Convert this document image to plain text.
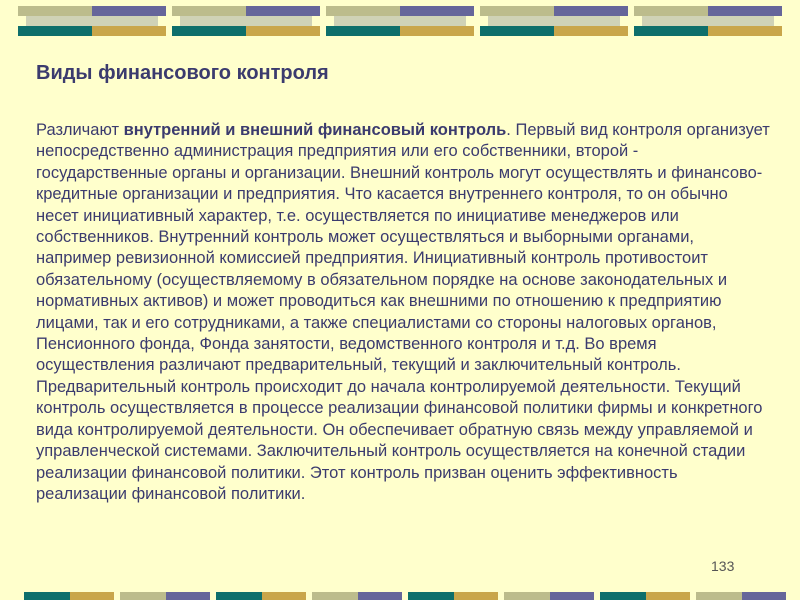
Виды финансового контроля

Различают внутренний и внешний финансовый контроль. Первый вид контроля организует непосредственно администрация предприятия или его собственники, второй - государственные органы и организации. Внешний контроль могут осуществлять и финансово-кредитные организации и предприятия. Что касается внутреннего контроля, то он обычно несет инициативный характер, т.е. осуществляется по инициативе менеджеров или собственников. Внутренний контроль может осуществляться и выборными органами, например ревизионной комиссией предприятия. Инициативный контроль противостоит обязательному (осуществляемому в обязательном порядке на основе законодательных и нормативных активов) и может проводиться как внешними по отношению к предприятию лицами, так и его сотрудниками, а также специалистами со стороны налоговых органов, Пенсионного фонда, Фонда занятости, ведомственного контроля и т.д. Во время осуществления различают предварительный, текущий и заключительный контроль. Предварительный контроль происходит до начала контролируемой деятельности. Текущий контроль осуществляется в процессе реализации финансовой политики фирмы и конкретного вида контролируемой деятельности. Он обеспечивает обратную связь между управляемой и управленческой системами. Заключительный контроль осуществляется на конечной стадии реализации финансовой политики. Этот контроль призван оценить эффективность реализации финансовой политики.

133
